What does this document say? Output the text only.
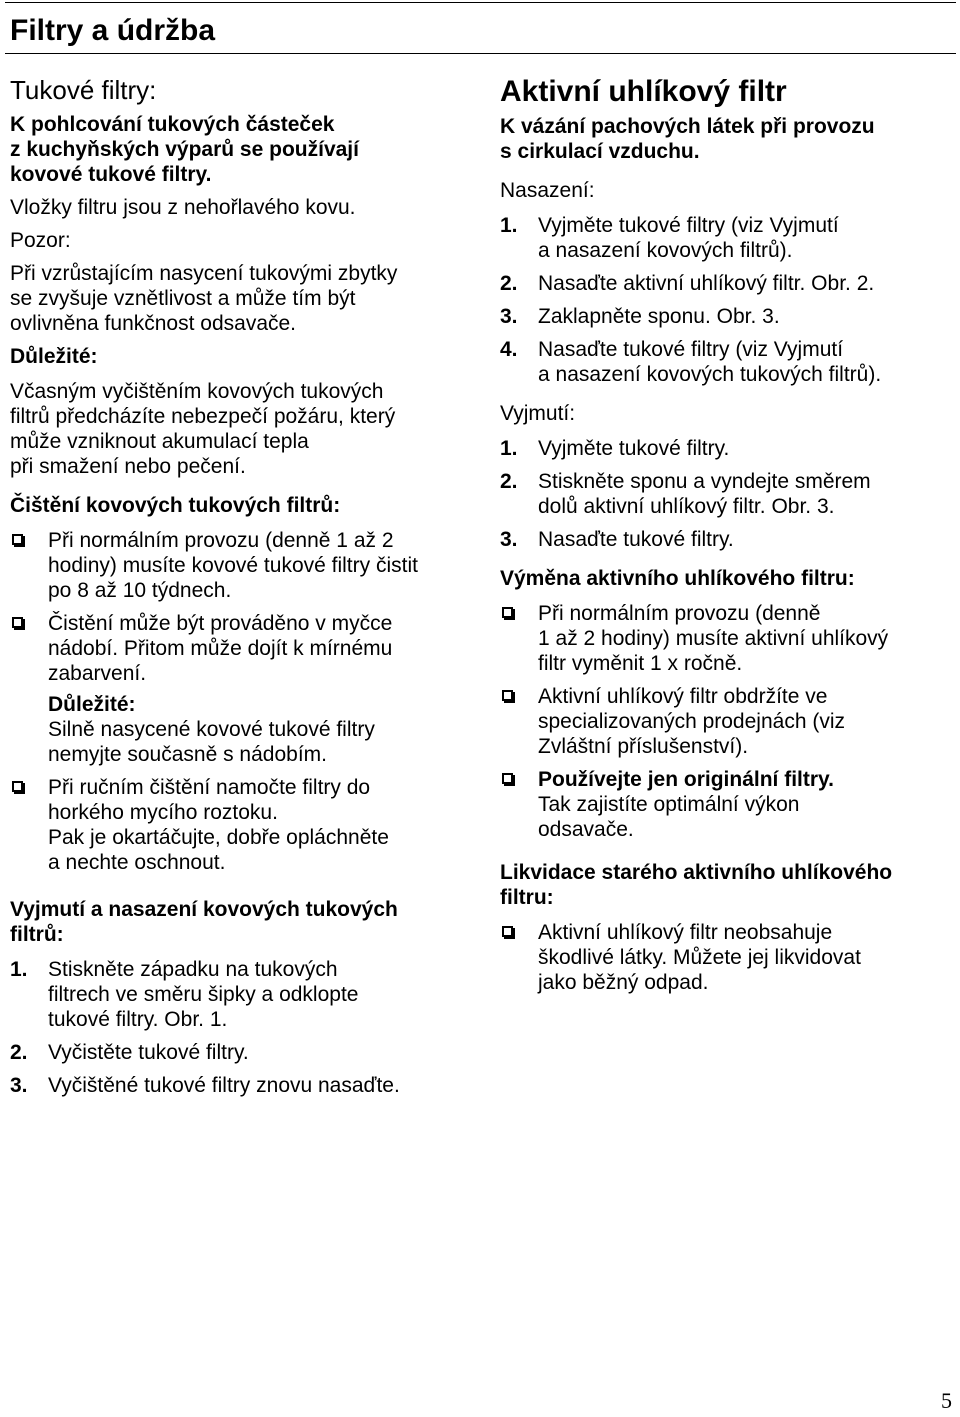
Filtry a údržba
Tukové filtry:
K pohlcování tukových částeček
z kuchyňských výparů se používají
kovové tukové filtry.
Vložky filtru jsou z nehořlavého kovu.
Pozor:
Při vzrůstajícím nasycení tukovými zbytky
se zvyšuje vznětlivost a může tím být
ovlivněna funkčnost odsavače.
Důležité:
Včasným vyčištěním kovových tukových
filtrů předcházíte nebezpečí požáru, který
může vzniknout akumulací tepla
při smažení nebo pečení.
Čištění kovových tukových filtrů:
Při normálním provozu (denně 1 až 2
hodiny) musíte kovové tukové filtry čistit
po 8 až 10 týdnech.
Čistění může být prováděno v myčce
nádobí. Přitom může dojít k mírnému
zabarvení.
Důležité:
Silně nasycené kovové tukové filtry
nemyjte současně s nádobím.
Při ručním čištění namočte filtry do
horkého mycího roztoku.
Pak je okartáčujte, dobře opláchněte
a nechte oschnout.
Vyjmutí a nasazení kovových tukových
filtrů:
1. Stiskněte západku na tukových
filtrech ve směru šipky a odklopte
tukové filtry. Obr. 1.
2. Vyčistěte tukové filtry.
3. Vyčištěné tukové filtry znovu nasaďte.
Aktivní uhlíkový filtr
K vázání pachových látek při provozu
s cirkulací vzduchu.
Nasazení:
1. Vyjměte tukové filtry (viz Vyjmutí
a nasazení kovových filtrů).
2. Nasaďte aktivní uhlíkový filtr. Obr. 2.
3. Zaklapněte sponu. Obr. 3.
4. Nasaďte tukové filtry (viz Vyjmutí
a nasazení kovových tukových filtrů).
Vyjmutí:
1. Vyjměte tukové filtry.
2. Stiskněte sponu a vyndejte směrem
dolů aktivní uhlíkový filtr. Obr. 3.
3. Nasaďte tukové filtry.
Výměna aktivního uhlíkového filtru:
Při normálním provozu (denně
1 až 2 hodiny) musíte aktivní uhlíkový
filtr vyměnit 1 x ročně.
Aktivní uhlíkový filtr obdržíte ve
specializovaných prodejnách (viz
Zvláštní příslušenství).
Používejte jen originální filtry.
Tak zajistíte optimální výkon
odsavače.
Likvidace starého aktivního uhlíkového
filtru:
Aktivní uhlíkový filtr neobsahuje
škodlivé látky. Můžete jej likvidovat
jako běžný odpad.
5
